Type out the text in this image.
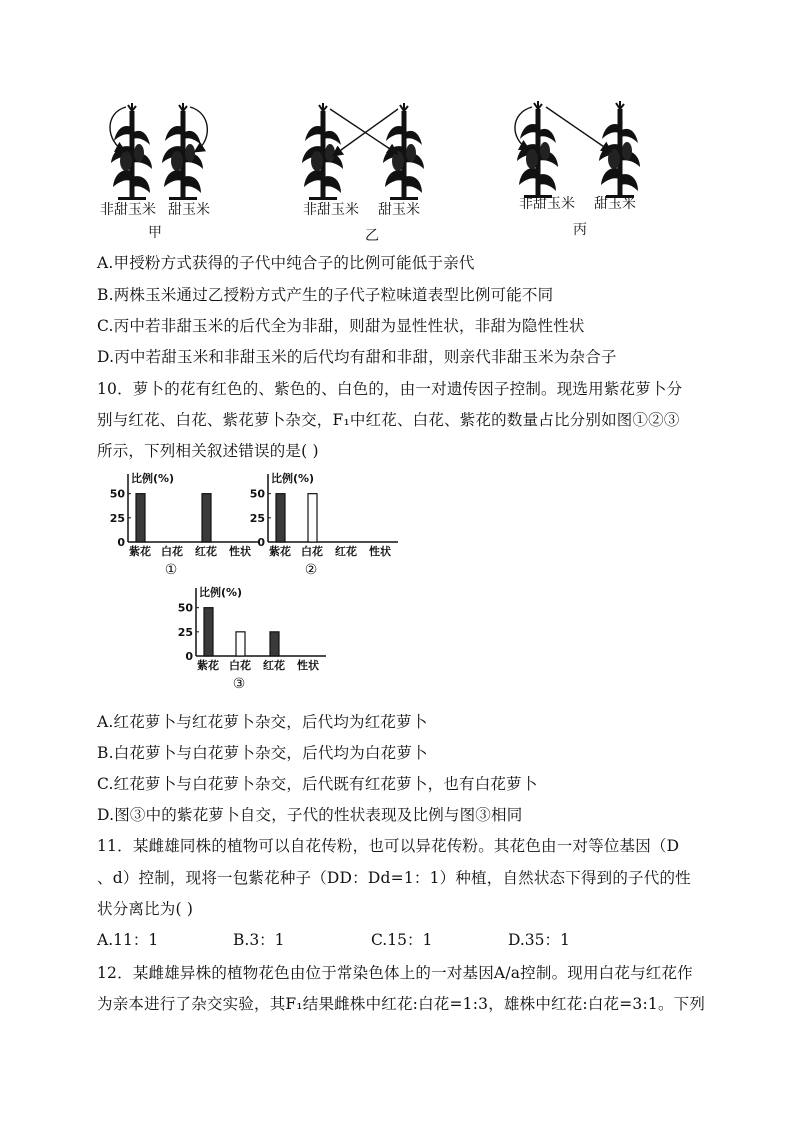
非甜玉米 甜玉米
甲
非甜玉米 甜玉米
乙
非甜玉米 甜玉米
丙
A.甲授粉方式获得的子代中纯合子的比例可能低于亲代
B.两株玉米通过乙授粉方式产生的子代子粒味道表型比例可能不同
C.丙中若非甜玉米的后代全为非甜，则甜为显性性状，非甜为隐性性状
D.丙中若甜玉米和非甜玉米的后代均有甜和非甜，则亲代非甜玉米为杂合子
10．萝卜的花有红色的、紫色的、白色的，由一对遗传因子控制。现选用紫花萝卜分
别与红花、白花、紫花萝卜杂交，F₁中红花、白花、紫花的数量占比分别如图①②③
所示，下列相关叙述错误的是( )
比例(%)
50
25
0
紫花 白花 红花 性状
①
比例(%)
50
25
0
紫花 白花 红花 性状
②
比例(%)
50
25
0
紫花 白花 红花 性状
③
A.红花萝卜与红花萝卜杂交，后代均为红花萝卜
B.白花萝卜与白花萝卜杂交，后代均为白花萝卜
C.红花萝卜与白花萝卜杂交，后代既有红花萝卜，也有白花萝卜
D.图③中的紫花萝卜自交，子代的性状表现及比例与图③相同
11．某雌雄同株的植物可以自花传粉，也可以异花传粉。其花色由一对等位基因（D
、d）控制，现将一包紫花种子（DD：Dd=1：1）种植，自然状态下得到的子代的性
状分离比为( )
A.11：1	B.3：1	C.15：1	D.35：1
12．某雌雄异株的植物花色由位于常染色体上的一对基因A/a控制。现用白花与红花作
为亲本进行了杂交实验，其F₁结果雌株中红花:白花=1:3，雄株中红花:白花=3:1。下列
